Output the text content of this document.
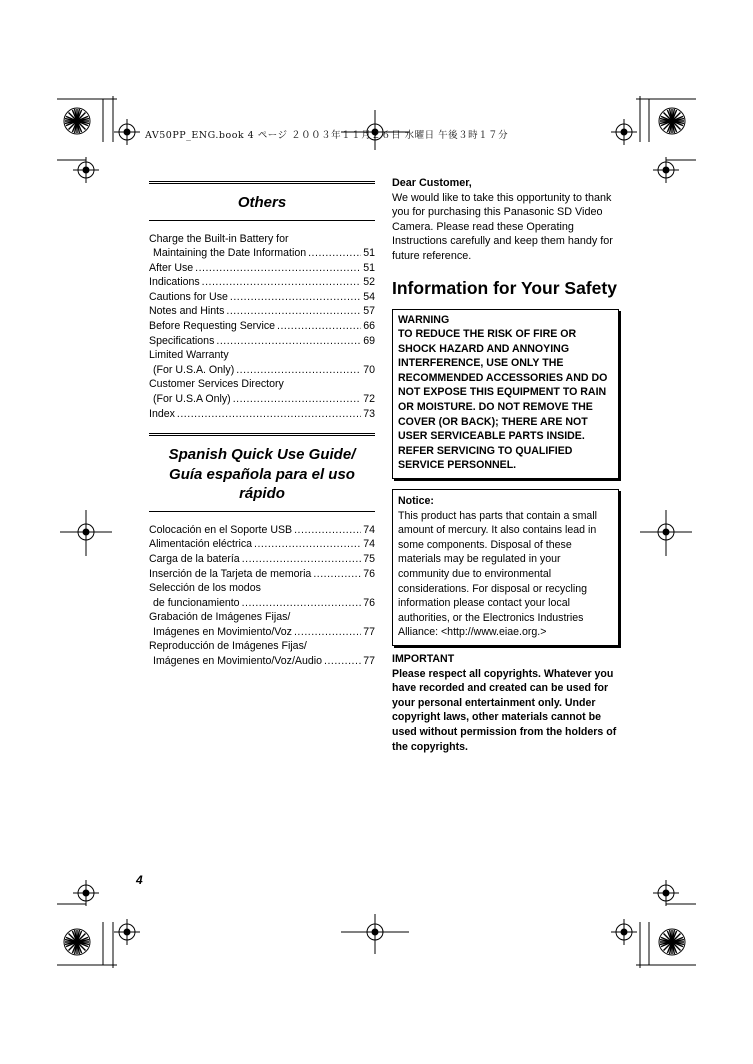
AV50PP_ENG.book 4 ページ ２００３年１１月２６日 水曜日 午後３時１７分
Others
Charge the Built-in Battery for
Maintaining the Date Information .....	51
After Use .....	51
Indications .....	52
Cautions for Use .....	54
Notes and Hints .....	57
Before Requesting Service .....	66
Specifications .....	69
Limited Warranty
(For U.S.A. Only) .....	70
Customer Services Directory
(For U.S.A Only) .....	72
Index .....	73
Spanish Quick Use Guide/
Guía española para el uso
rápido
Colocación en el Soporte USB .....	74
Alimentación eléctrica .....	74
Carga de la batería .....	75
Inserción de la Tarjeta de memoria .....	76
Selección de los modos
de funcionamiento .....	76
Grabación de Imágenes Fijas/
Imágenes en Movimiento/Voz .....	77
Reproducción de Imágenes Fijas/
Imágenes en Movimiento/Voz/Audio .....	77
Dear Customer,
We would like to take this opportunity to thank you for purchasing this Panasonic SD Video Camera. Please read these Operating Instructions carefully and keep them handy for future reference.
Information for Your Safety
WARNING
TO REDUCE THE RISK OF FIRE OR SHOCK HAZARD AND ANNOYING INTERFERENCE, USE ONLY THE RECOMMENDED ACCESSORIES AND DO NOT EXPOSE THIS EQUIPMENT TO RAIN OR MOISTURE. DO NOT REMOVE THE COVER (OR BACK); THERE ARE NOT USER SERVICEABLE PARTS INSIDE. REFER SERVICING TO QUALIFIED SERVICE PERSONNEL.
Notice:
This product has parts that contain a small amount of mercury. It also contains lead in some components. Disposal of these materials may be regulated in your community due to environmental considerations. For disposal or recycling information please contact your local authorities, or the Electronics Industries Alliance: <http://www.eiae.org.>
IMPORTANT
Please respect all copyrights. Whatever you have recorded and created can be used for your personal entertainment only. Under copyright laws, other materials cannot be used without permission from the holders of the copyrights.
4
